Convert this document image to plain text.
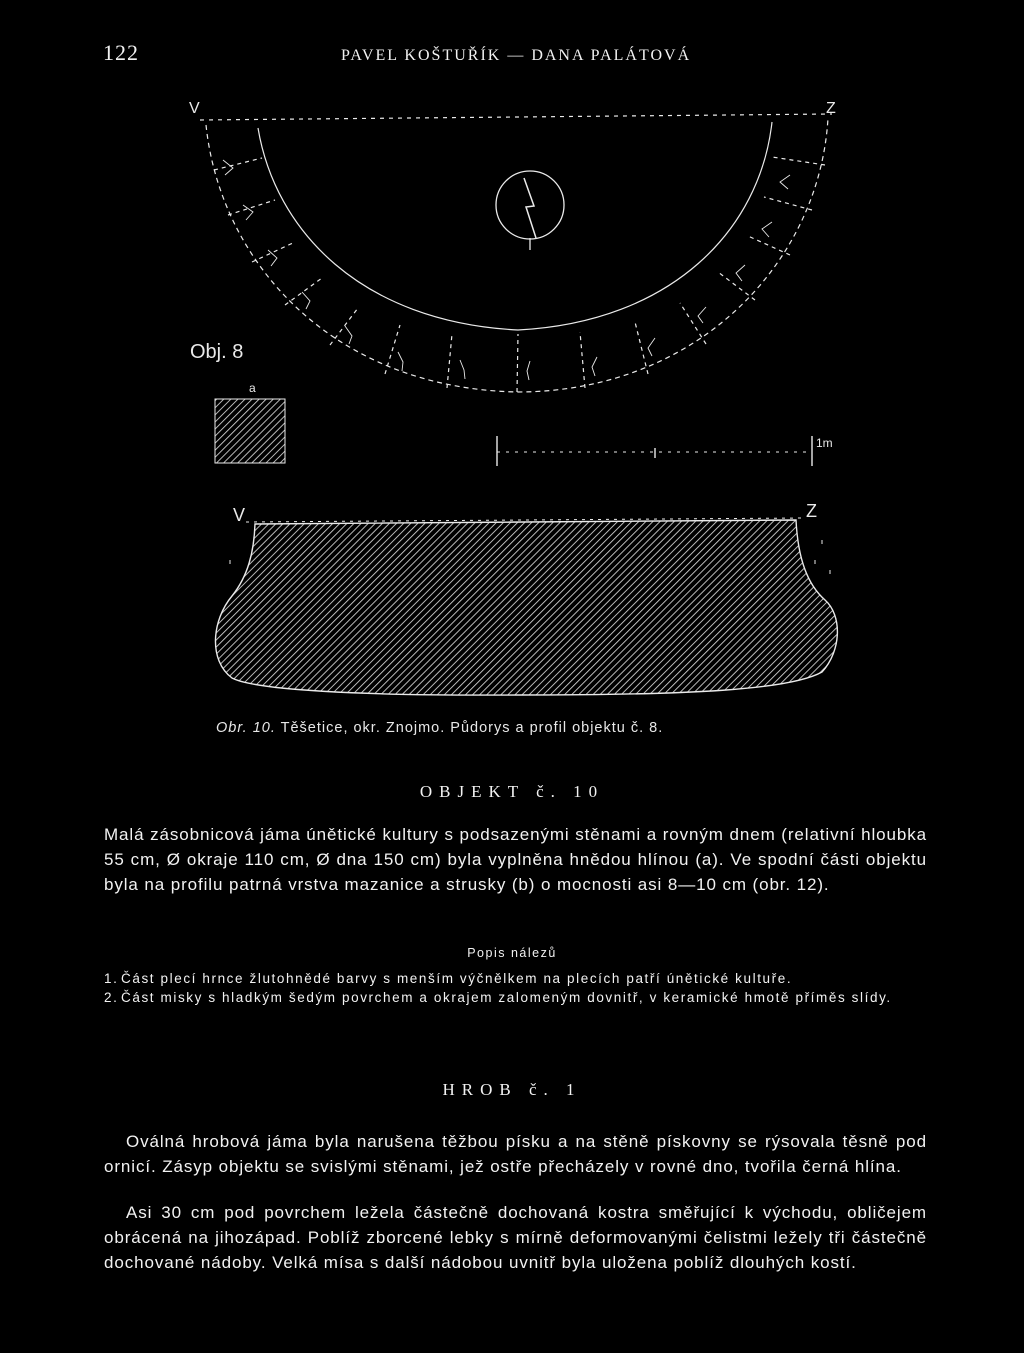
122	PAVEL KOŠTUŘÍK — DANA PALÁTOVÁ
V	Z
Obj. 8
a
1m
V	Z
Obr. 10. Těšetice, okr. Znojmo. Půdorys a profil objektu č. 8.
OBJEKT č. 10
Malá zásobnicová jáma únětické kultury s podsazenými stěnami a rovným dnem (relativní hloubka 55 cm, Ø okraje 110 cm, Ø dna 150 cm) byla vyplněna hnědou hlínou (a). Ve spodní části objektu byla na profilu patrná vrstva mazanice a strusky (b) o mocnosti asi 8—10 cm (obr. 12).
Popis nálezů
1. Část plecí hrnce žlutohnědé barvy s menším výčnělkem na plecích patří únětické kultuře.
2. Část misky s hladkým šedým povrchem a okrajem zalomeným dovnitř, v keramické hmotě příměs slídy.
HROB č. 1
Oválná hrobová jáma byla narušena těžbou písku a na stěně pískovny se rýsovala těsně pod ornicí. Zásyp objektu se svislými stěnami, jež ostře přecházely v rovné dno, tvořila černá hlína.
Asi 30 cm pod povrchem ležela částečně dochovaná kostra směřující k východu, obličejem obrácená na jihozápad. Poblíž zborcené lebky s mírně deformovanými čelistmi ležely tři částečně dochované nádoby. Velká mísa s další nádobou uvnitř byla uložena poblíž dlouhých kostí.
